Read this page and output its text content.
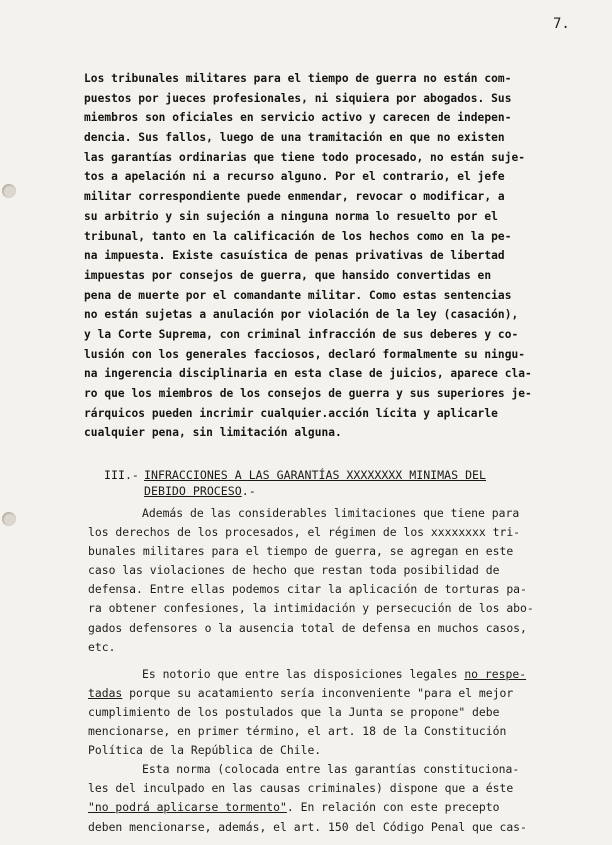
7.
Los tribunales militares para el tiempo de guerra no están com-
puestos por jueces profesionales, ni siquiera por abogados. Sus
miembros son oficiales en servicio activo y carecen de indepen-
dencia. Sus fallos, luego de una tramitación en que no existen
las garantías ordinarias que tiene todo procesado, no están suje-
tos a apelación ni a recurso alguno. Por el contrario, el jefe
militar correspondiente puede enmendar, revocar o modificar, a
su arbitrio y sin sujeción a ninguna norma lo resuelto por el
tribunal, tanto en la calificación de los hechos como en la pe-
na impuesta. Existe casuística de penas privativas de libertad
impuestas por consejos de guerra, que hansido convertidas en
pena de muerte por el comandante militar. Como estas sentencias
no están sujetas a anulación por violación de la ley (casación),
y la Corte Suprema, con criminal infracción de sus deberes y co-
lusión con los generales facciosos, declaró formalmente su ningu-
na ingerencia disciplinaria en esta clase de juicios, aparece cla-
ro que los miembros de los consejos de guerra y sus superiores je-
rárquicos pueden incrimir cualquier.acción lícita y aplicarle
cualquier pena, sin limitación alguna.
III.- INFRACCIONES A LAS GARANTÍAS XXXXXXXX MINIMAS DEL
DEBIDO PROCESO.-
Además de las considerables limitaciones que tiene para
los derechos de los procesados, el régimen de los xxxxxxxx tri-
bunales militares para el tiempo de guerra, se agregan en este
caso las violaciones de hecho que restan toda posibilidad de
defensa. Entre ellas podemos citar la aplicación de torturas pa-
ra obtener confesiones, la intimidación y persecución de los abo-
gados defensores o la ausencia total de defensa en muchos casos,
etc.
Es notorio que entre las disposiciones legales no respe-
tadas porque su acatamiento sería inconveniente "para el mejor
cumplimiento de los postulados que la Junta se propone" debe
mencionarse, en primer término, el art. 18 de la Constitución
Política de la República de Chile.
Esta norma (colocada entre las garantías constituciona-
les del inculpado en las causas criminales) dispone que a éste
"no podrá aplicarse tormento". En relación con este precepto
deben mencionarse, además, el art. 150 del Código Penal que cas-
